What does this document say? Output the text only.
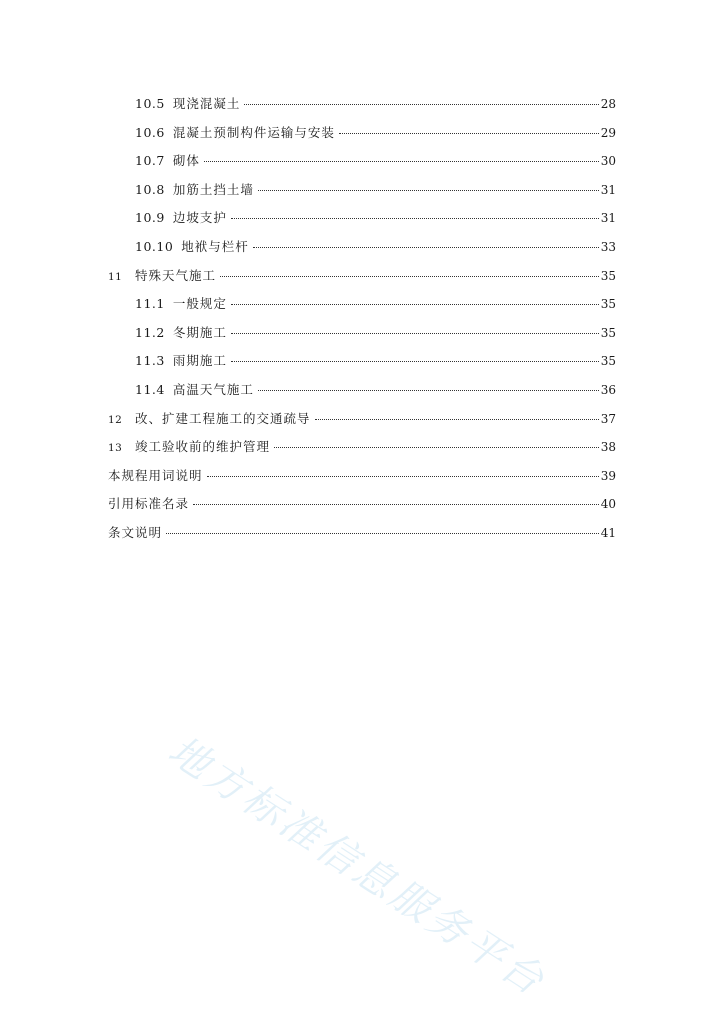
10.5 现浇混凝土	28
10.6 混凝土预制构件运输与安装	29
10.7 砌体	30
10.8 加筋土挡土墙	31
10.9 边坡支护	31
10.10 地袱与栏杆	33
11	特殊天气施工	35
11.1 一般规定	35
11.2 冬期施工	35
11.3 雨期施工	35
11.4 高温天气施工	36
12	改、扩建工程施工的交通疏导	37
13	竣工验收前的维护管理	38
本规程用词说明	39
引用标准名录	40
条文说明	41
地方标准信息服务平台
